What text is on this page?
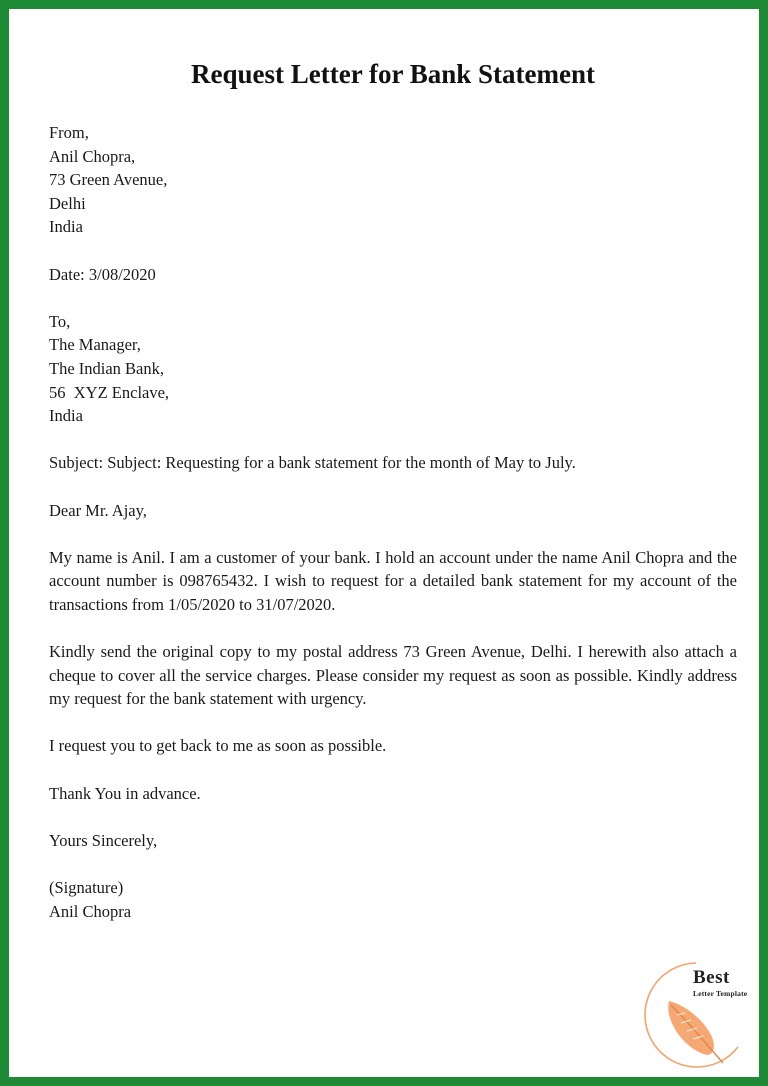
Request Letter for Bank Statement
From,
Anil Chopra,
73 Green Avenue,
Delhi
India
Date: 3/08/2020
To,
The Manager,
The Indian Bank,
56  XYZ Enclave,
India
Subject: Subject: Requesting for a bank statement for the month of May to July.
Dear Mr. Ajay,
My name is Anil. I am a customer of your bank. I hold an account under the name Anil Chopra and the account number is 098765432. I wish to request for a detailed bank statement for my account of the transactions from 1/05/2020 to 31/07/2020.
Kindly send the original copy to my postal address 73 Green Avenue, Delhi. I herewith also attach a cheque to cover all the service charges. Please consider my request as soon as possible. Kindly address my request for the bank statement with urgency.
I request you to get back to me as soon as possible.
Thank You in advance.
Yours Sincerely,
(Signature)
Anil Chopra
Best
Letter Template
